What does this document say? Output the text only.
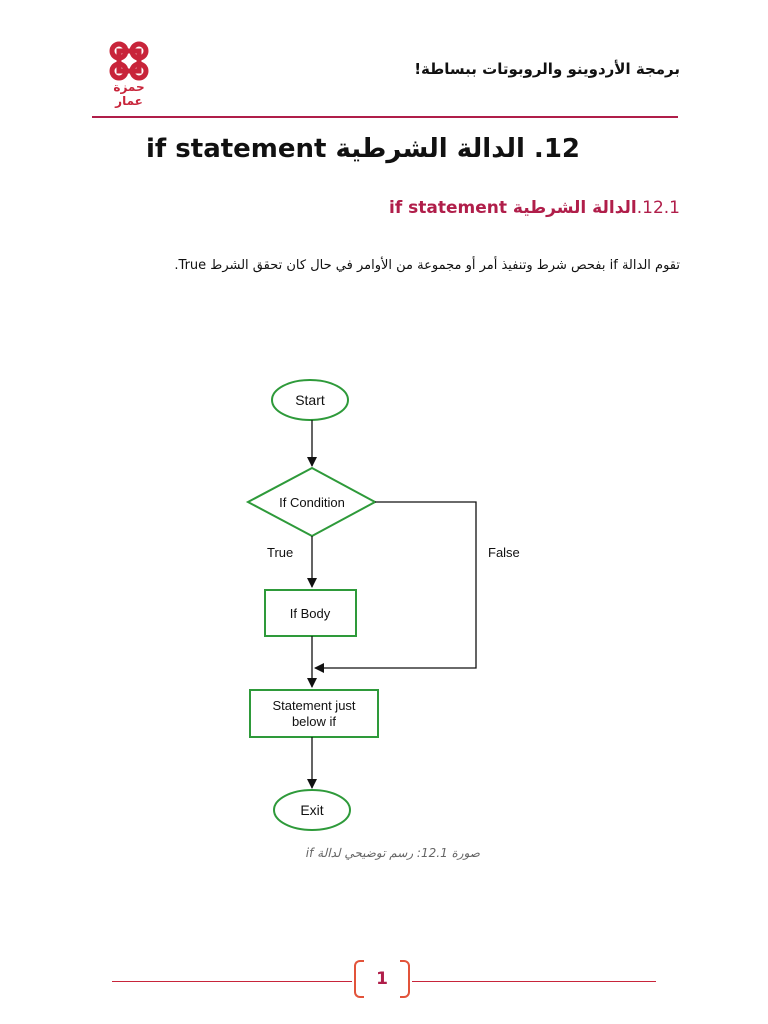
برمجة الأردوينو والروبوتات ببساطة!
حمزة عمار
12. الدالة الشرطية if statement
12.1.الدالة الشرطية if statement
تقوم الدالة if بفحص شرط وتنفيذ أمر أو مجموعة من الأوامر في حال كان تحقق الشرط True.
Start
If Condition
True	False
If Body
Statement just
below if
Exit
صورة 12.1: رسم توضيحي لدالة if
1
